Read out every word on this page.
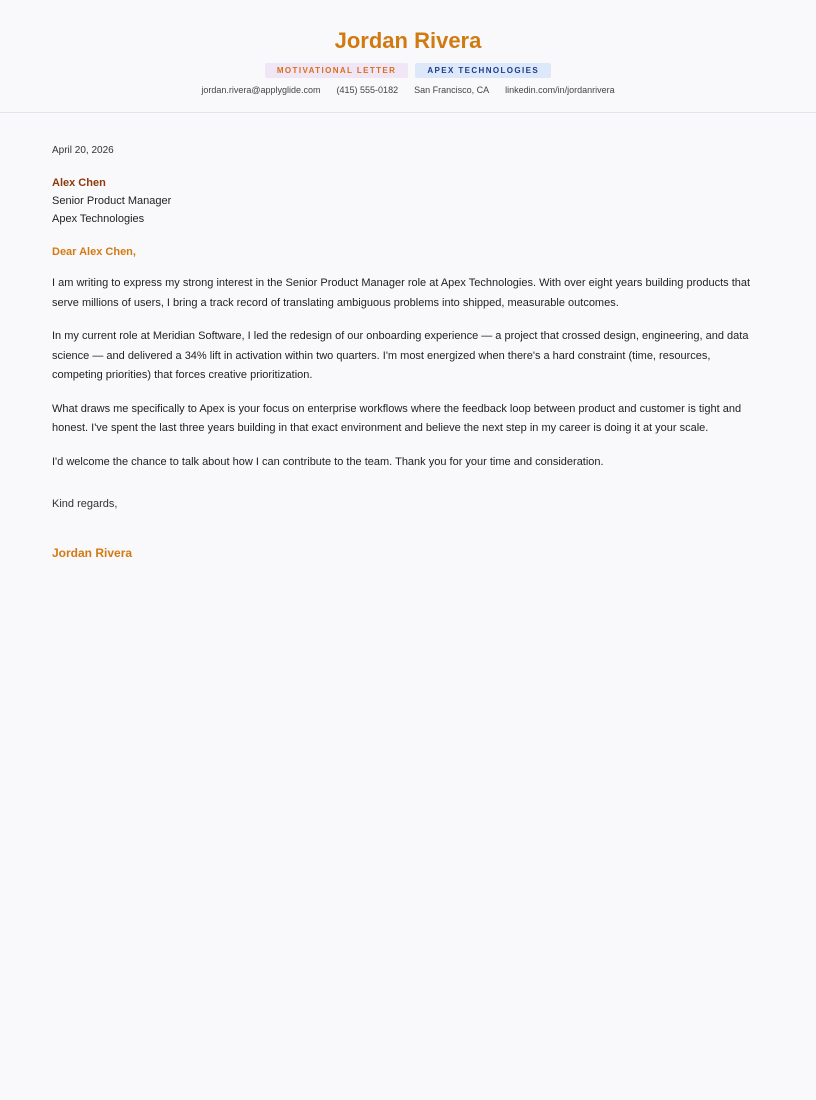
Jordan Rivera
MOTIVATIONAL LETTER	APEX TECHNOLOGIES
jordan.rivera@applyglide.com (415) 555-0182 San Francisco, CA linkedin.com/in/jordanrivera
April 20, 2026
Alex Chen
Senior Product Manager
Apex Technologies
Dear Alex Chen,

I am writing to express my strong interest in the Senior Product Manager role at Apex Technologies. With over eight years building products that serve millions of users, I bring a track record of translating ambiguous problems into shipped, measurable outcomes.

In my current role at Meridian Software, I led the redesign of our onboarding experience — a project that crossed design, engineering, and data science — and delivered a 34% lift in activation within two quarters. I'm most energized when there's a hard constraint (time, resources, competing priorities) that forces creative prioritization.

What draws me specifically to Apex is your focus on enterprise workflows where the feedback loop between product and customer is tight and honest. I've spent the last three years building in that exact environment and believe the next step in my career is doing it at your scale.

I'd welcome the chance to talk about how I can contribute to the team. Thank you for your time and consideration.

Kind regards,
Jordan Rivera
